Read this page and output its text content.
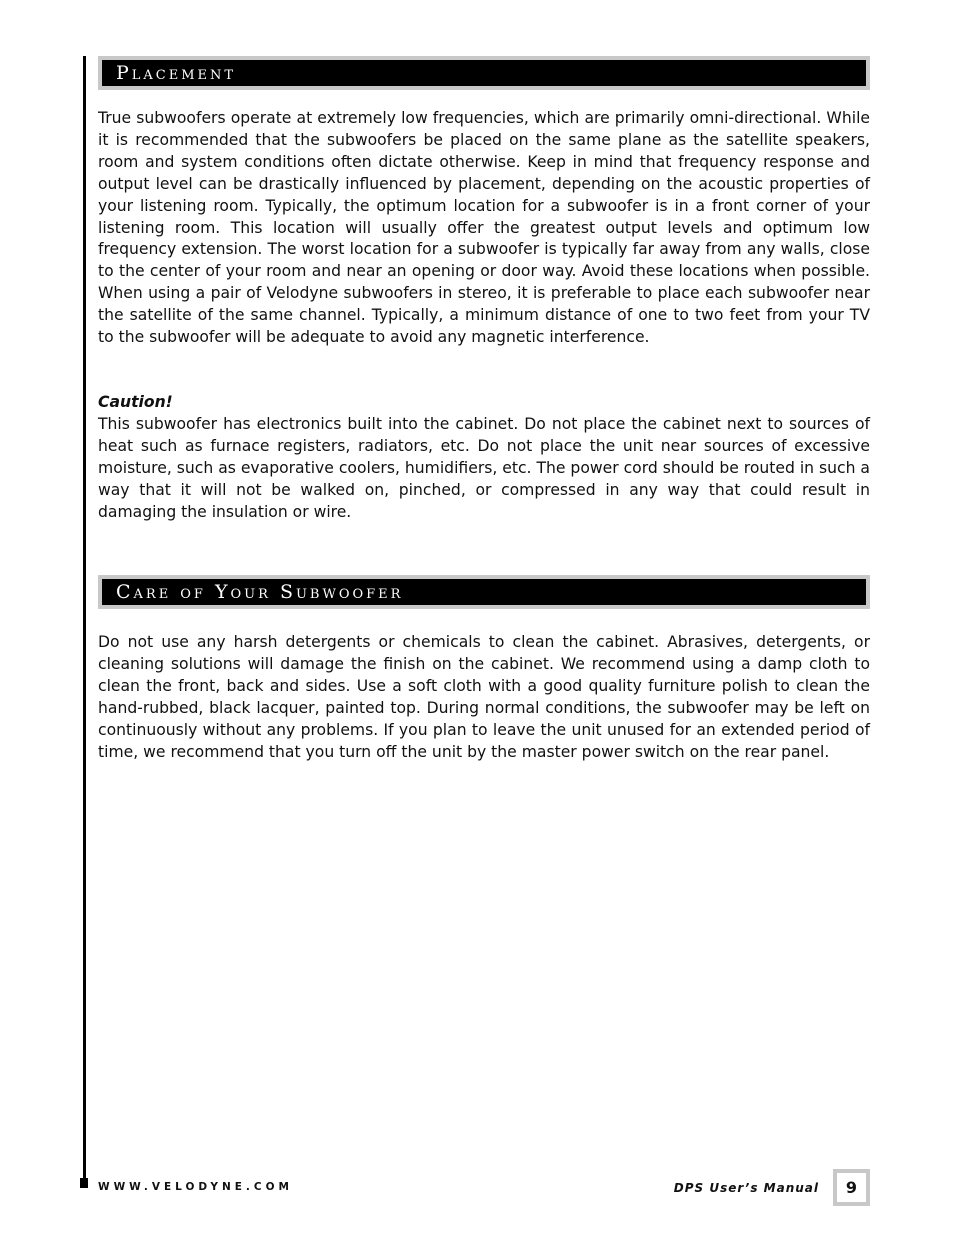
Placement

True subwoofers operate at extremely low frequencies, which are primarily omni-directional. While it is recommended that the subwoofers be placed on the same plane as the satellite speakers, room and system conditions often dictate otherwise. Keep in mind that frequency response and output level can be drastically influenced by placement, depending on the acoustic properties of your listening room. Typically, the optimum location for a subwoofer is in a front corner of your listening room. This location will usually offer the greatest output levels and optimum low frequency extension. The worst location for a subwoofer is typically far away from any walls, close to the center of your room and near an opening or door way. Avoid these locations when possible. When using a pair of Velodyne subwoofers in stereo, it is preferable to place each subwoofer near the satellite of the same channel. Typically, a minimum distance of one to two feet from your TV to the subwoofer will be adequate to avoid any magnetic interference.

Caution!

This subwoofer has electronics built into the cabinet. Do not place the cabinet next to sources of heat such as furnace registers, radiators, etc. Do not place the unit near sources of excessive moisture, such as evaporative coolers, humidifiers, etc. The power cord should be routed in such a way that it will not be walked on, pinched, or compressed in any way that could result in damaging the insulation or wire.

Care of Your Subwoofer

Do not use any harsh detergents or chemicals to clean the cabinet. Abrasives, detergents, or cleaning solutions will damage the finish on the cabinet. We recommend using a damp cloth to clean the front, back and sides. Use a soft cloth with a good quality furniture polish to clean the hand-rubbed, black lacquer, painted top. During normal conditions, the subwoofer may be left on continuously without any problems. If you plan to leave the unit unused for an extended period of time, we recommend that you turn off the unit by the master power switch on the rear panel.

WWW.VELODYNE.COM	DPS User’s Manual	9
